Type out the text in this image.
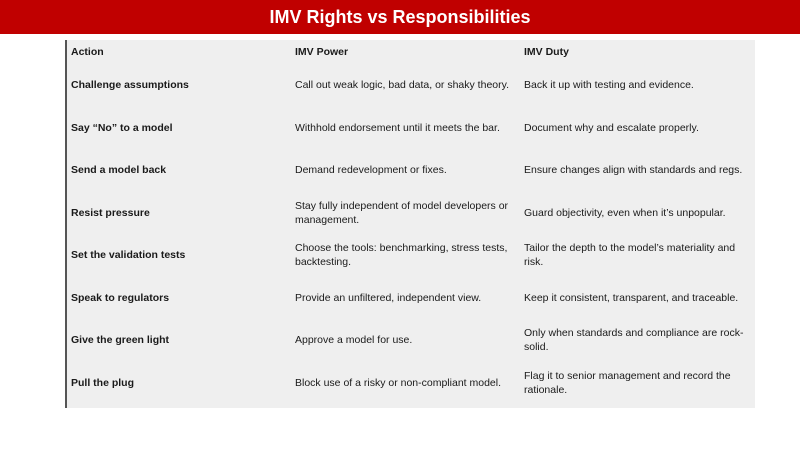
IMV Rights vs Responsibilities
Action	IMV Power	IMV Duty
Challenge assumptions	Call out weak logic, bad data, or shaky theory.	Back it up with testing and evidence.
Say “No” to a model	Withhold endorsement until it meets the bar.	Document why and escalate properly.
Send a model back	Demand redevelopment or fixes.	Ensure changes align with standards and regs.
Resist pressure	Stay fully independent of model developers or management.	Guard objectivity, even when it’s unpopular.
Set the validation tests	Choose the tools: benchmarking, stress tests, backtesting.	Tailor the depth to the model’s materiality and risk.
Speak to regulators	Provide an unfiltered, independent view.	Keep it consistent, transparent, and traceable.
Give the green light	Approve a model for use.	Only when standards and compliance are rock-solid.
Pull the plug	Block use of a risky or non-compliant model.	Flag it to senior management and record the rationale.
